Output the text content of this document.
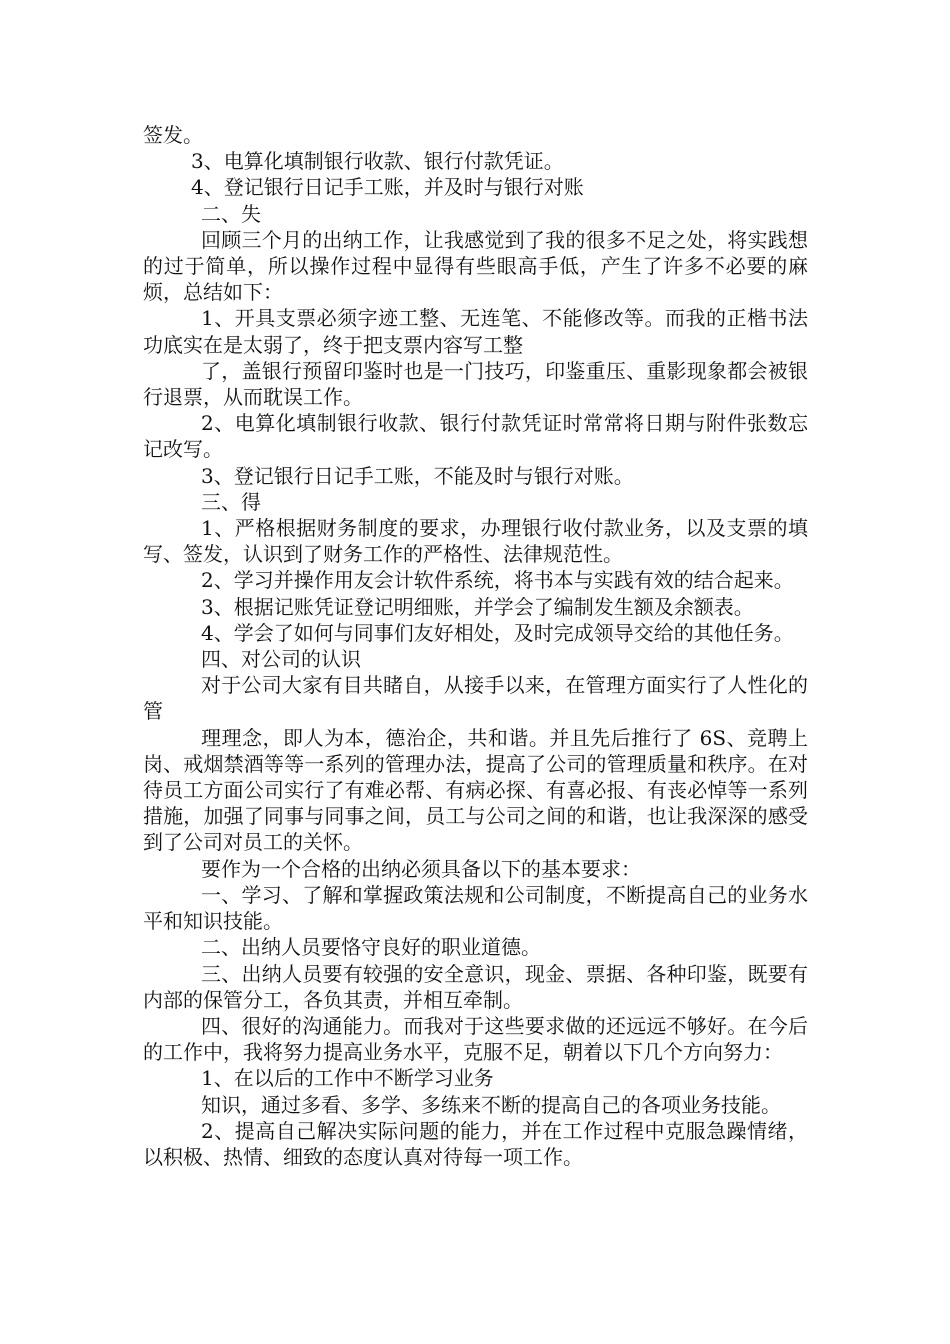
签发。

3、电算化填制银行收款、银行付款凭证。

4、登记银行日记手工账，并及时与银行对账

二、失

回顾三个月的出纳工作，让我感觉到了我的很多不足之处，将实践想的过于简单，所以操作过程中显得有些眼高手低，产生了许多不必要的麻烦，总结如下：

1、开具支票必须字迹工整、无连笔、不能修改等。而我的正楷书法功底实在是太弱了，终于把支票内容写工整

了，盖银行预留印鉴时也是一门技巧，印鉴重压、重影现象都会被银行退票，从而耽误工作。

2、电算化填制银行收款、银行付款凭证时常常将日期与附件张数忘记改写。

3、登记银行日记手工账，不能及时与银行对账。

三、得

1、严格根据财务制度的要求，办理银行收付款业务，以及支票的填写、签发，认识到了财务工作的严格性、法律规范性。

2、学习并操作用友会计软件系统，将书本与实践有效的结合起来。

3、根据记账凭证登记明细账，并学会了编制发生额及余额表。

4、学会了如何与同事们友好相处，及时完成领导交给的其他任务。

四、对公司的认识

对于公司大家有目共睹自，从接手以来，在管理方面实行了人性化的管

理理念，即人为本，德治企，共和谐。并且先后推行了 6S、竞聘上岗、戒烟禁酒等等一系列的管理办法，提高了公司的管理质量和秩序。在对待员工方面公司实行了有难必帮、有病必探、有喜必报、有丧必悼等一系列措施，加强了同事与同事之间，员工与公司之间的和谐，也让我深深的感受到了公司对员工的关怀。

要作为一个合格的出纳必须具备以下的基本要求：

一、学习、了解和掌握政策法规和公司制度，不断提高自己的业务水平和知识技能。

二、出纳人员要恪守良好的职业道德。

三、出纳人员要有较强的安全意识，现金、票据、各种印鉴，既要有内部的保管分工，各负其责，并相互牵制。

四、很好的沟通能力。而我对于这些要求做的还远远不够好。在今后的工作中，我将努力提高业务水平，克服不足，朝着以下几个方向努力：

1、在以后的工作中不断学习业务

知识，通过多看、多学、多练来不断的提高自己的各项业务技能。

2、提高自己解决实际问题的能力，并在工作过程中克服急躁情绪，以积极、热情、细致的态度认真对待每一项工作。
